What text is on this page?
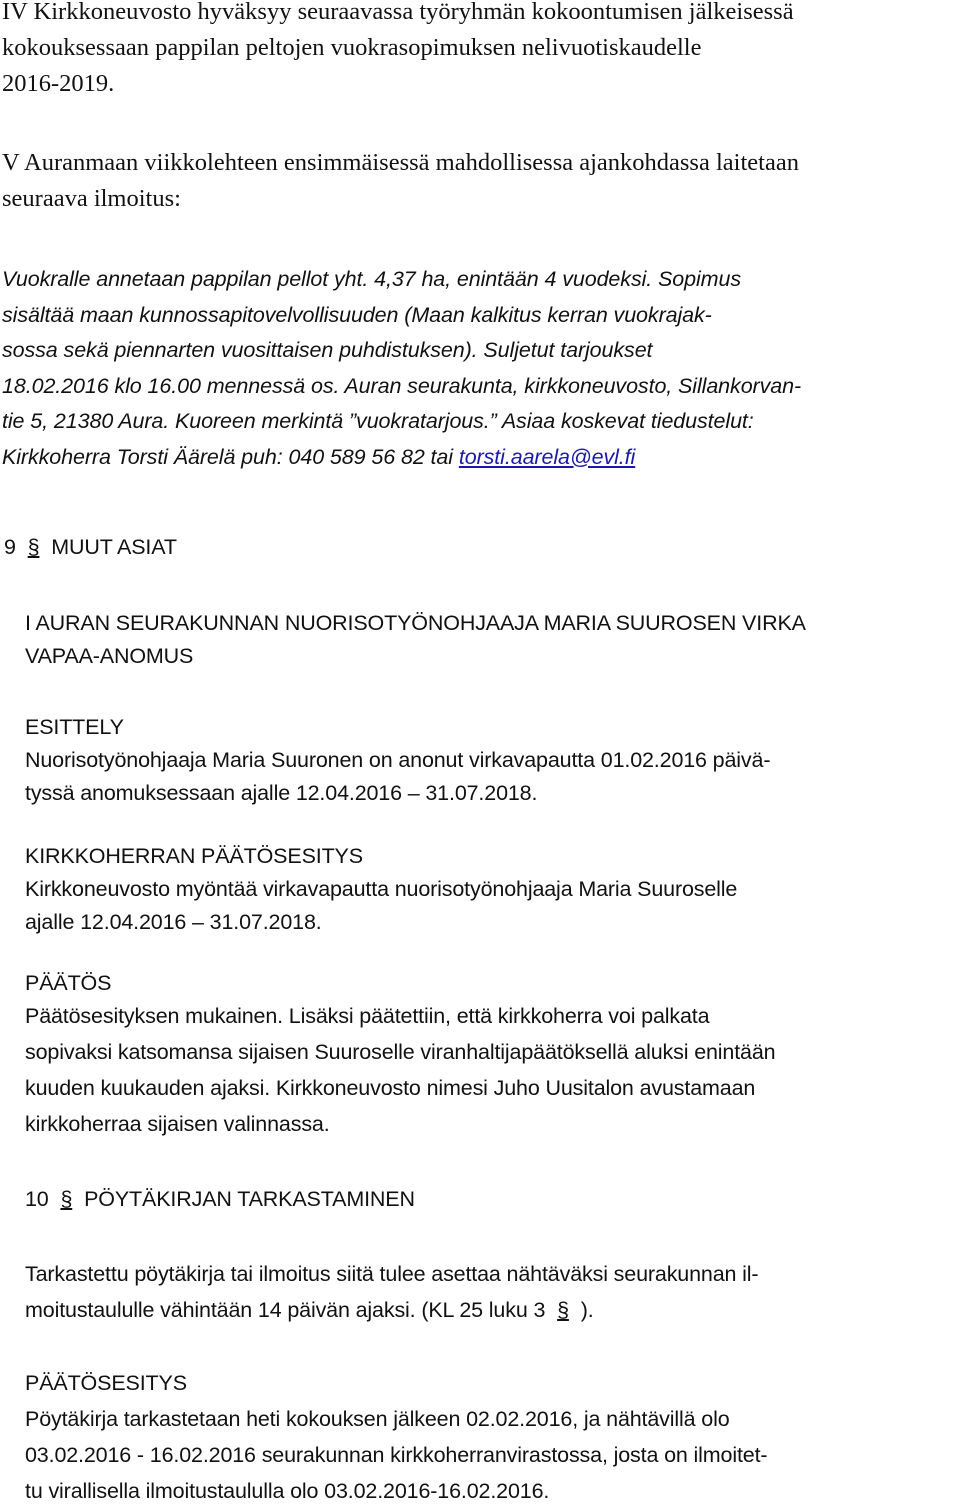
IV Kirkkoneuvosto hyväksyy seuraavassa työryhmän kokoontumisen jälkeisessä
kokouksessaan pappilan peltojen vuokrasopimuksen nelivuotiskaudelle
2016-2019.

V Auranmaan viikkolehteen ensimmäisessä mahdollisessa ajankohdassa laitetaan
seuraava ilmoitus:

Vuokralle annetaan pappilan pellot yht. 4,37 ha, enintään 4 vuodeksi. Sopimus
sisältää maan kunnossapitovelvollisuuden (Maan kalkitus kerran vuokrajak-
sossa sekä piennarten vuosittaisen puhdistuksen). Suljetut tarjoukset
18.02.2016 klo 16.00 mennessä os. Auran seurakunta, kirkkoneuvosto, Sillankorvan-
tie 5, 21380 Aura. Kuoreen merkintä ”vuokratarjous.” Asiaa koskevat tiedustelut:
Kirkkoherra Torsti Äärelä puh: 040 589 56 82 tai torsti.aarela@evl.fi

9 § MUUT ASIAT

I AURAN SEURAKUNNAN NUORISOTYÖNOHJAAJA MARIA SUUROSEN VIRKA
VAPAA-ANOMUS

ESITTELY

Nuorisotyönohjaaja Maria Suuronen on anonut virkavapautta 01.02.2016 päivä-
tyssä anomuksessaan ajalle 12.04.2016 – 31.07.2018.

KIRKKOHERRAN PÄÄTÖSESITYS

Kirkkoneuvosto myöntää virkavapautta nuorisotyönohjaaja Maria Suuroselle
ajalle 12.04.2016 – 31.07.2018.

PÄÄTÖS

Päätösesityksen mukainen. Lisäksi päätettiin, että kirkkoherra voi palkata
sopivaksi katsomansa sijaisen Suuroselle viranhaltijapäätöksellä aluksi enintään
kuuden kuukauden ajaksi. Kirkkoneuvosto nimesi Juho Uusitalon avustamaan
kirkkoherraa sijaisen valinnassa.

10 § PÖYTÄKIRJAN TARKASTAMINEN

Tarkastettu pöytäkirja tai ilmoitus siitä tulee asettaa nähtäväksi seurakunnan il-
moitustaululle vähintään 14 päivän ajaksi. (KL 25 luku 3 § ).

PÄÄTÖSESITYS

Pöytäkirja tarkastetaan heti kokouksen jälkeen 02.02.2016, ja nähtävillä olo
03.02.2016 - 16.02.2016 seurakunnan kirkkoherranvirastossa, josta on ilmoitet-
tu virallisella ilmoitustaululla olo 03.02.2016-16.02.2016.
